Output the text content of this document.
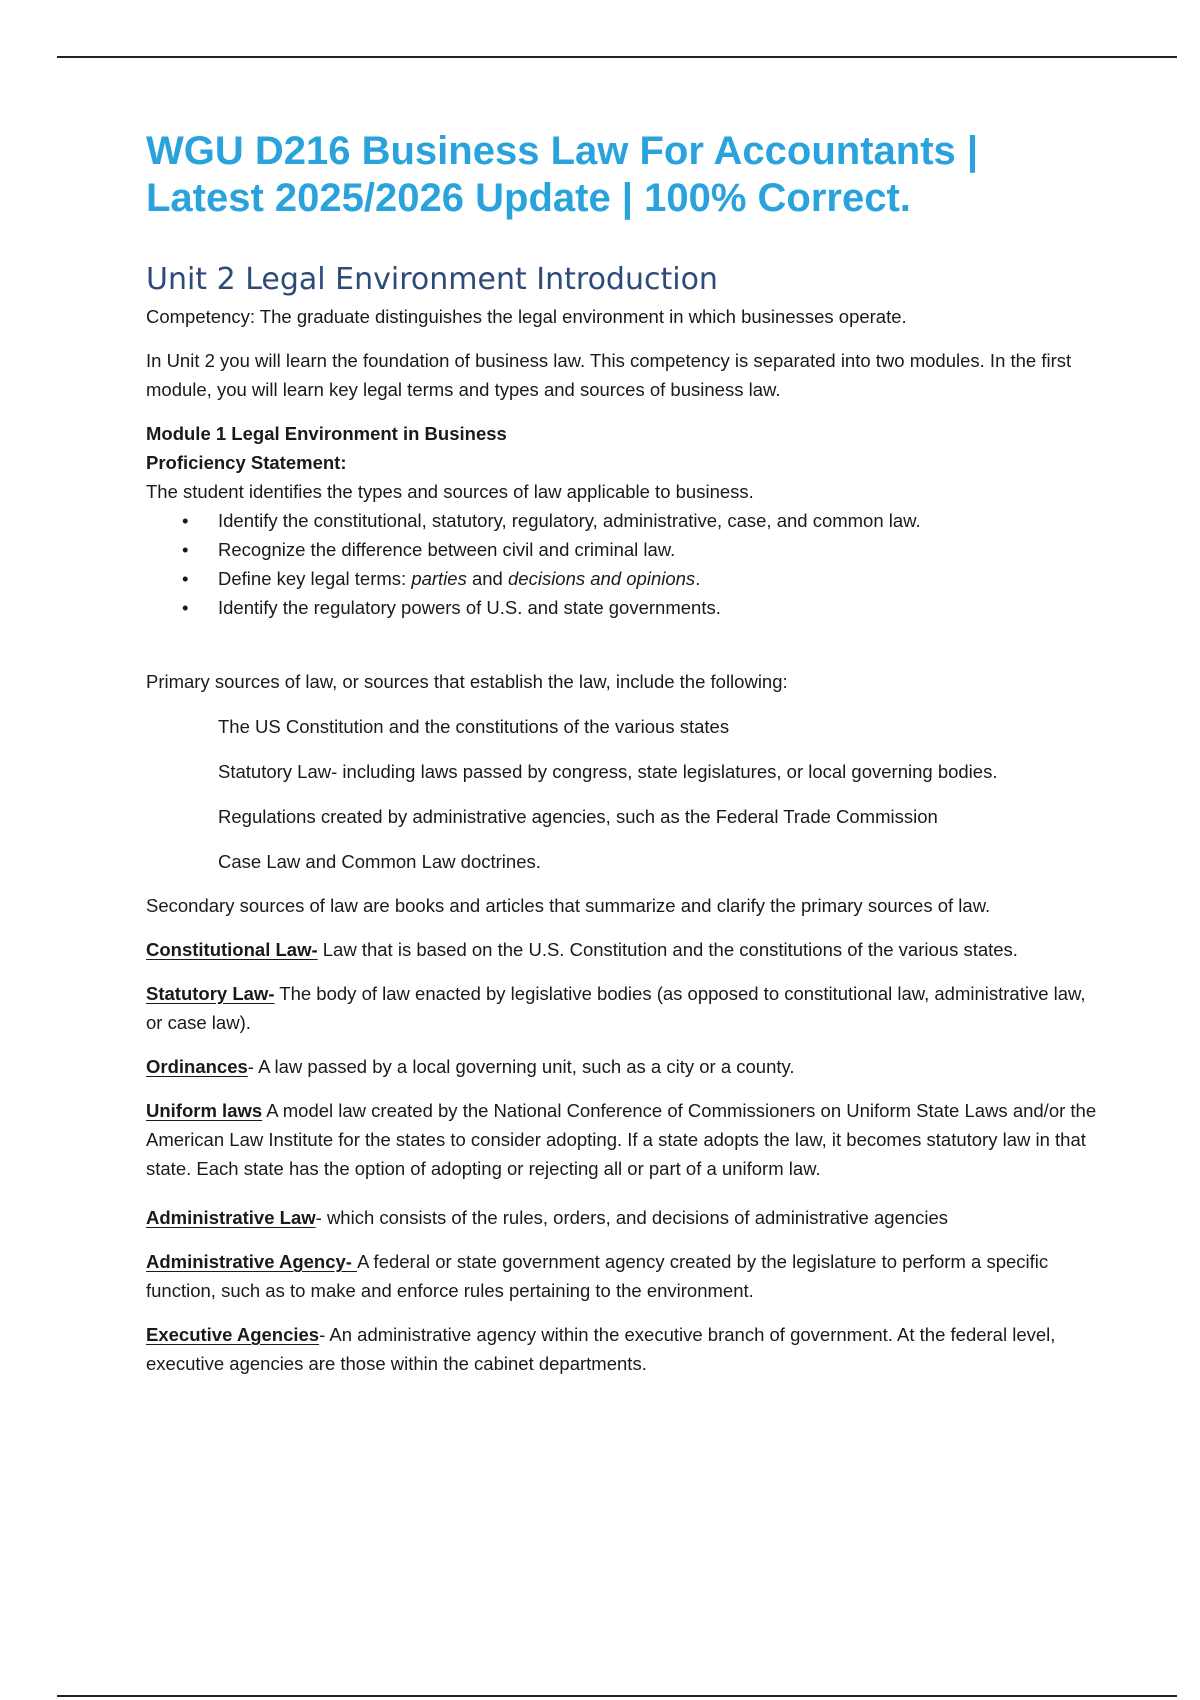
WGU D216 Business Law For Accountants |
Latest 2025/2026 Update | 100% Correct.
Unit 2 Legal Environment Introduction

Competency: The graduate distinguishes the legal environment in which businesses operate.

In Unit 2 you will learn the foundation of business law. This competency is separated into two modules. In the first module, you will learn key legal terms and types and sources of business law.

Module 1 Legal Environment in Business

Proficiency Statement:

The student identifies the types and sources of law applicable to business.

• Identify the constitutional, statutory, regulatory, administrative, case, and common law.
• Recognize the difference between civil and criminal law.
• Define key legal terms: parties and decisions and opinions.
• Identify the regulatory powers of U.S. and state governments.

Primary sources of law, or sources that establish the law, include the following:

The US Constitution and the constitutions of the various states
Statutory Law- including laws passed by congress, state legislatures, or local governing bodies.
Regulations created by administrative agencies, such as the Federal Trade Commission
Case Law and Common Law doctrines.

Secondary sources of law are books and articles that summarize and clarify the primary sources of law.

Constitutional Law- Law that is based on the U.S. Constitution and the constitutions of the various states.

Statutory Law- The body of law enacted by legislative bodies (as opposed to constitutional law, administrative law, or case law).

Ordinances- A law passed by a local governing unit, such as a city or a county.

Uniform laws A model law created by the National Conference of Commissioners on Uniform State Laws and/or the American Law Institute for the states to consider adopting. If a state adopts the law, it becomes statutory law in that state. Each state has the option of adopting or rejecting all or part of a uniform law.

Administrative Law- which consists of the rules, orders, and decisions of administrative agencies

Administrative Agency- A federal or state government agency created by the legislature to perform a specific function, such as to make and enforce rules pertaining to the environment.

Executive Agencies- An administrative agency within the executive branch of government. At the federal level, executive agencies are those within the cabinet departments.
